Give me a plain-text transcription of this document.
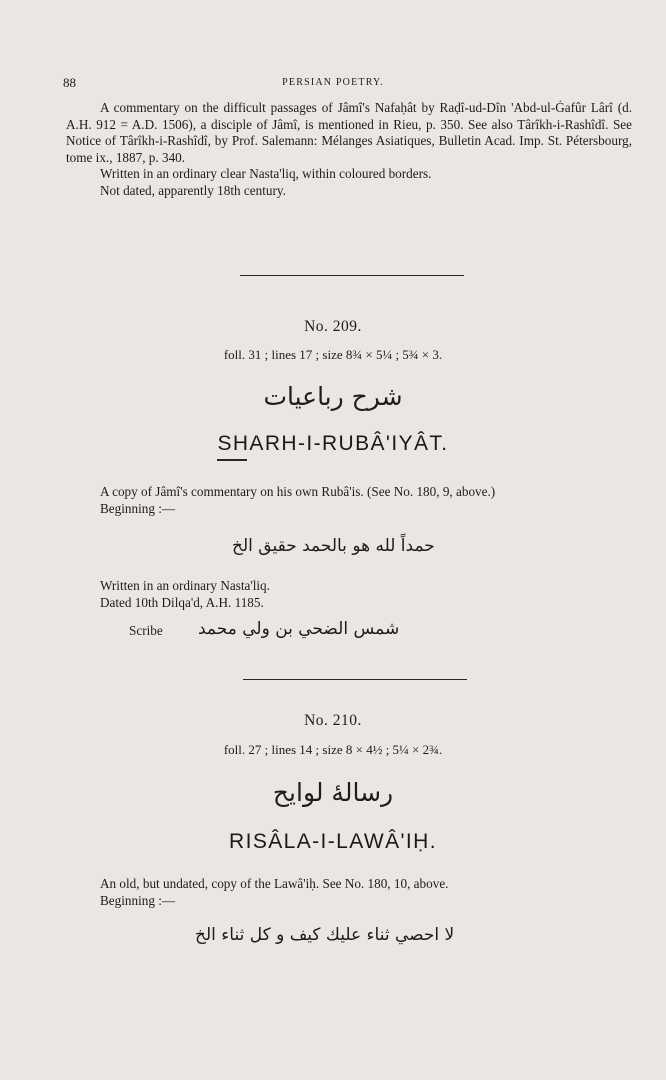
88	PERSIAN POETRY.

A commentary on the difficult passages of Jâmî's Nafaḥât by Raḍî-ud-Dîn 'Abd-ul-Ġafûr Lârî (d. A.H. 912 = A.D. 1506), a disciple of Jâmî, is mentioned in Rieu, p. 350. See also Târîkh-i-Rashîdî. See Notice of Târîkh-i-Rashîdî, by Prof. Salemann: Mélanges Asiatiques, Bulletin Acad. Imp. St. Pétersbourg, tome ix., 1887, p. 340.

Written in an ordinary clear Nasta'liq, within coloured borders.

Not dated, apparently 18th century.

No. 209.
foll. 31 ; lines 17 ; size 8¾ × 5¼ ; 5¾ × 3.
شرح رباعيات
SHARH-I-RUBÂ'IYÂT.

A copy of Jâmî's commentary on his own Rubâ'is. (See No. 180, 9, above.)

Beginning :—

حمداً لله هو بالحمد حقيق الخ

Written in an ordinary Nasta'liq.

Dated 10th Dilqa'd, A.H. 1185.

Scribe شمس الضحي بن ولي محمد
No. 210.
foll. 27 ; lines 14 ; size 8 × 4½ ; 5¼ × 2¾.
رسالهٔ لوايح
RISÂLA-I-LAWÂ'IḤ.

An old, but undated, copy of the Lawâ'iḥ. See No. 180, 10, above.

Beginning :—

لا احصي ثناء عليك كيف و كل ثناء الخ
